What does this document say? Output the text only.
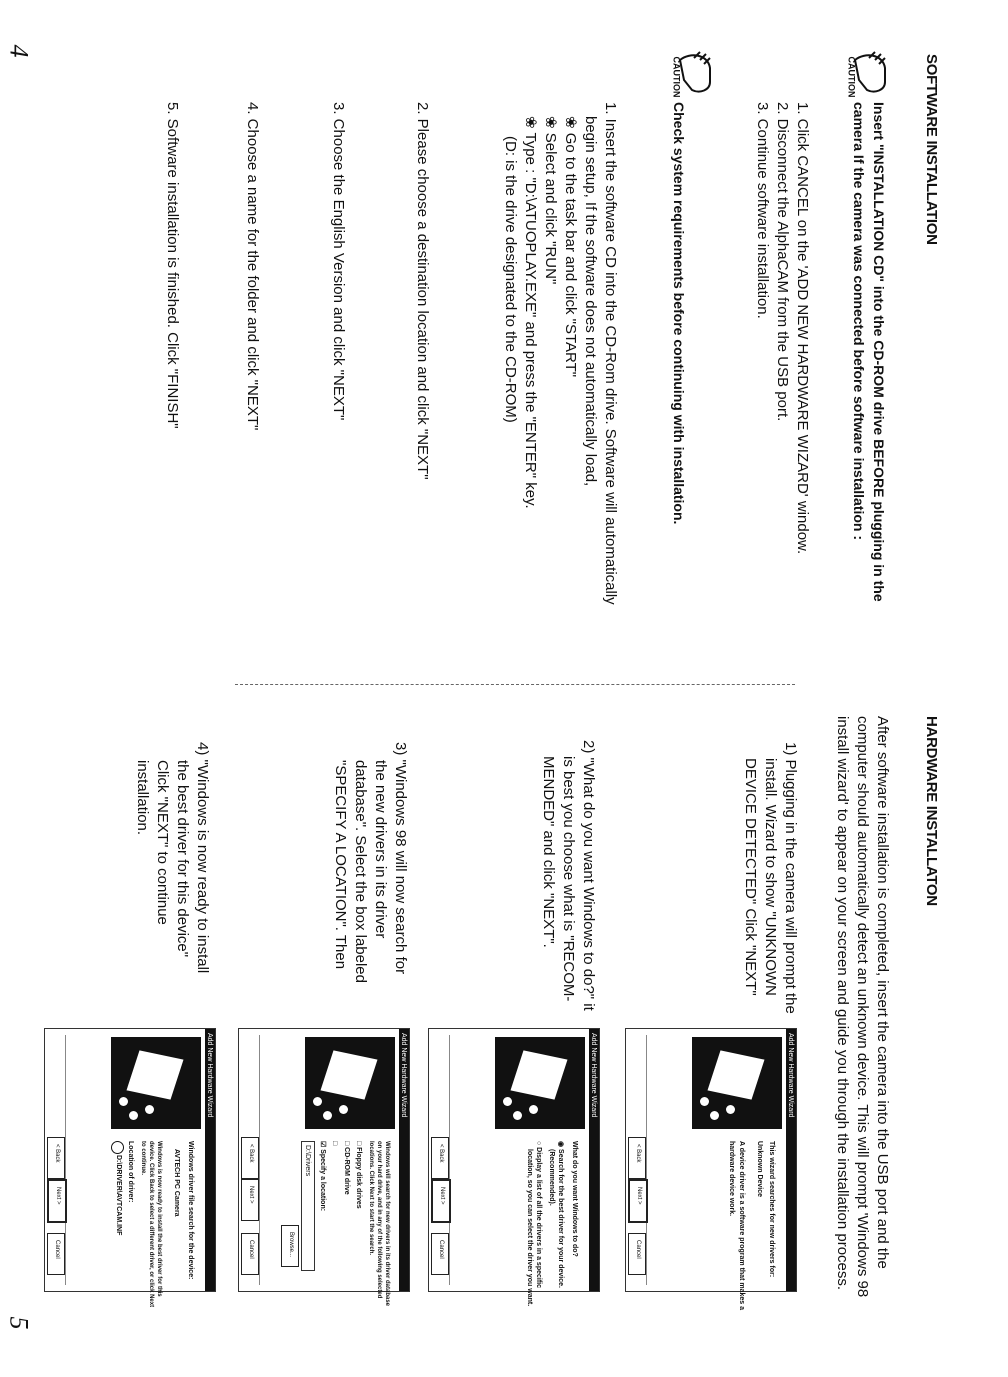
4
5
SOFTWARE INSTALLATION
CAUTION
Insert "INSTALLATION CD" into the CD-ROM drive BEFORE plugging in the
camera If the camera was connected before software installation :
1. Click CANCEL on the 'ADD NEW HARDWARE WIZARD' window.
2. Disconnect the AlphaCAM from the USB port.
3. Continue software installation.
CAUTION
Check system requirements before continuing with installation.
1. Insert the software CD into the CD-Rom drive. Software will automatically
begin setup, If the software does not automatically load,
❀ Go to the task bar and click "START"
❀ Select and click "RUN"
❀ Type : "D:\ATUOPLAY.EXE" and press the "ENTER" key.
(D: is the drive designated to the CD-ROM)
2. Please choose a destination location and click "NEXT"
3. Choose the English Version and click "NEXT"
4. Choose a name for the folder and click "NEXT"
5. Software installation is finished. Click "FINISH"
HARDWARE INSTALLATON
After software installation is completed, insert the camera into the USB port and the
computer should automatically detect an unknown device. This will prompt 'Windows 98
install wizard' to appear on your screen and guide you through the installation process.
1) Plugging in the camera will prompt the
install. Wizard to show "UNKNOWN
DEVICE DETECTED" Click "NEXT"
2) "What do you want Windows to do?" it
is best you choose what is "RECOM-
MENDED" and click "NEXT".
3) "Windows 98 will now search for
the new drivers in its driver
database". Select the box labeled
"SPECIFY A LOCATION". Then
4) "Windows is now ready to install
the best driver for this device"
Click "NEXT" to continue
installation.
Add New Hardware Wizard
This wizard searches for new drivers for:
Unknown Device
A device driver is a software program that makes a
hardware device work.
< Back
Next >
Cancel
Add New Hardware Wizard
What do you want Windows to do?
◉ Search for the best driver for your device.
(Recommended).
○ Display a list of all the drivers in a specific
location, so you can select the driver you want.
< Back
Next >
Cancel
Add New Hardware Wizard
Windows will search for new drivers in its driver database
on your hard drive, and in any of the following selected
locations. Click Next to start the search.
□ Floppy disk drives
□ CD-ROM drive
□
☑ Specify a location:
D:\Drivers
Browse...
< Back
Next >
Cancel
Add New Hardware Wizard
Windows driver file search for the device:
AVTECH PC Camera
Windows is now ready to install the best driver for this
device. Click Back to select a different driver, or click Next
to continue.
Location of driver:
D:\DRIVER\AVTCAM.INF
< Back
Next >
Cancel
